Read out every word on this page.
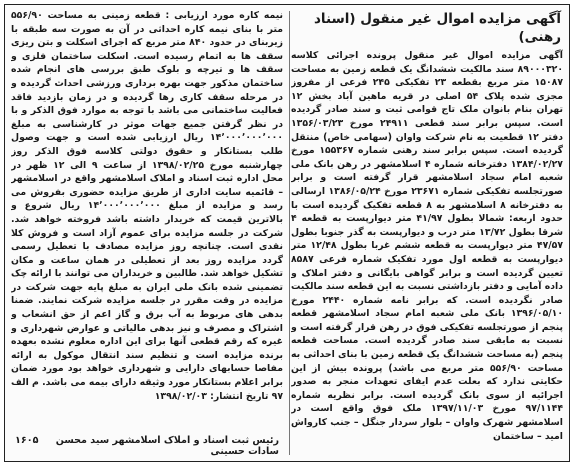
آگهی مزایده اموال غیر منقول (اسناد رهنی)

آگهی مزایده اموال غیر منقول پرونده اجرائی کلاسه ۸۹۰۰۰۳۲۰ سند مالکیت ششدانگ یک قطعه زمین به مساحت ۱۵۰۸۷ متر مربع بقطعه ۲۳ تفکیکی ۲۴۵ فرعی از مفروز مجزی شده پلاک ۵۴ اصلی در قریه ماهین آباد بخش ۱۲ تهران بنام بانوان ملک تاج قوامی ثبت و سند صادر گردیده است. سپس برابر سند قطعی ۲۴۹۱۱ مورخ ۱۳۵۶/۰۳/۲۳ دفتر ۱۲ قطعیت به نام شرکت واوان (سهامی خاص) منتقل گردیده است. سپس برابر سند رهنی شماره ۱۵۵۳۶۷ مورخ ۱۳۸۴/۰۲/۲۷ دفترخانه شماره ۴ اسلامشهر در رهن بانک ملی شعبه امام سجاد اسلامشهر قرار گرفته است و برابر صورتجلسه تفکیکی شماره ۲۳۶۷۱ مورخ ۱۳۸۶/۰۵/۲۴ ارسالی به دفترخانه ۸ اسلامشهر به ۸ قطعه تفکیک گردیده است با حدود اربعه: شمالا بطول ۴۱/۹۷ متر دیوارپست به قطعه ۴ شرقا بطول ۱۳/۷۲ متر درب و دیوارپست به گذر جنوبا بطول ۴۷/۵۷ متر دیوارپست به قطعه ششم غربا بطول ۱۲/۴۸ متر دیوارپست به قطعه اول مورد تفکیک شماره فرعی ۸۵۸۷ تعیین گردیده است و برابر گواهی بایگانی و دفتر املاک و داده آمایی و دفتر بازداشتی نسبت به این قطعه سند مالکیت صادر نگردیده است. که برابر نامه شماره ۲۴۴۰ مورخ ۱۳۹۶/۰۵/۱۰ بانک ملی شعبه امام سجاد اسلامشهر قطعه پنجم از صورتجلسه تفکیکی فوق در رهن قرار گرفته است و نسبت به مابقی سند صادر گردیده است. مساحت قطعه پنجم (به مساحت ششدانگ یک قطعه زمین با بنای احداثی به مساحت ۵۵۶/۹۰ متر مربع می باشد) پرونده بیش از این حکایتی ندارد که بعلت عدم ایفای تعهدات منجر به صدور اجرائیه از سوی بانک گردیده است. برابر نظریه شماره ۹۷/۱۱۴۴ مورخ ۱۳۹۷/۱۱/۰۳ ملک فوق واقع است در اسلامشهر شهرک واوان – بلوار سردار جنگل – جنب کارواش امید – ساختمان

نیمه کاره مورد ارزیابی : قطعه زمینی به مساحت ۵۵۶/۹۰ متر با بنای نیمه کاره احداثی در آن به صورت سه طبقه با زیربنای در حدود ۸۴۰ متر مربع که اجرای اسکلت و بتن ریزی سقف ها به اتمام رسیده است. اسکلت ساختمان فلزی و سقف ها و تیرچه و بلوک طبق بررسی های انجام شده ساختمان مذکور جهت بهره برداری ورزشی احداث گردیده و در مرحله سقف کاری رها گردیده و در زمان بازدید فاقد فعالیت ساختمانی می باشد با توجه به موارد فوق الذکر و با در نظر گرفتن جمیع جهات موثر در کارشناسی به مبلغ ۱۴٬۰۰۰٬۰۰۰٬۰۰۰ ریال ارزیابی شده است و جهت وصول طلب بستانکار و حقوق دولتی کلاسه فوق الذکر روز چهارشنبه مورخ ۱۳۹۸/۰۲/۲۵ از ساعت ۹ الی ۱۲ ظهر در محل اداره ثبت اسناد و املاک اسلامشهر واقع در اسلامشهر – قائمیه سایت اداری از طریق مزایده حضوری بفروش می رسد و مزایده از مبلغ ۱۴٬۰۰۰٬۰۰۰٬۰۰۰ ریال شروع و بالاترین قیمت که خریدار داشته باشد فروخته خواهد شد. شرکت در جلسه مزایده برای عموم آزاد است و فروش کلا نقدی است. چنانچه روز مزایده مصادف با تعطیل رسمی گردد مزایده روز بعد از تعطیلی در همان ساعت و مکان تشکیل خواهد شد. طالبین و خریداران می توانند با ارائه چک تضمینی شده بانک ملی ایران به مبلغ پایه جهت شرکت در مزایده در وقت مقرر در جلسه مزایده شرکت نمایند. ضمنا بدهی های مربوط به آب برق و گاز اعم از حق انشعاب و اشتراک و مصرف و نیز بدهی مالیاتی و عوارض شهرداری و غیره که رقم قطعی آنها برای این اداره معلوم نشده بعهده برنده مزایده است و تنظیم سند انتقال موکول به ارائه مفاصا حسابهای دارایی و شهرداری خواهد بود مورد ضمان برابر اعلام بستانکار مورد وثیقه دارای بیمه می باشد. م الف ۹۷ تاریخ انتشار: ۱۳۹۸/۰۲/۰۳

رئیس ثبت اسناد و املاک اسلامشهر سید محسن سادات حسینی
۱۶۰۵
